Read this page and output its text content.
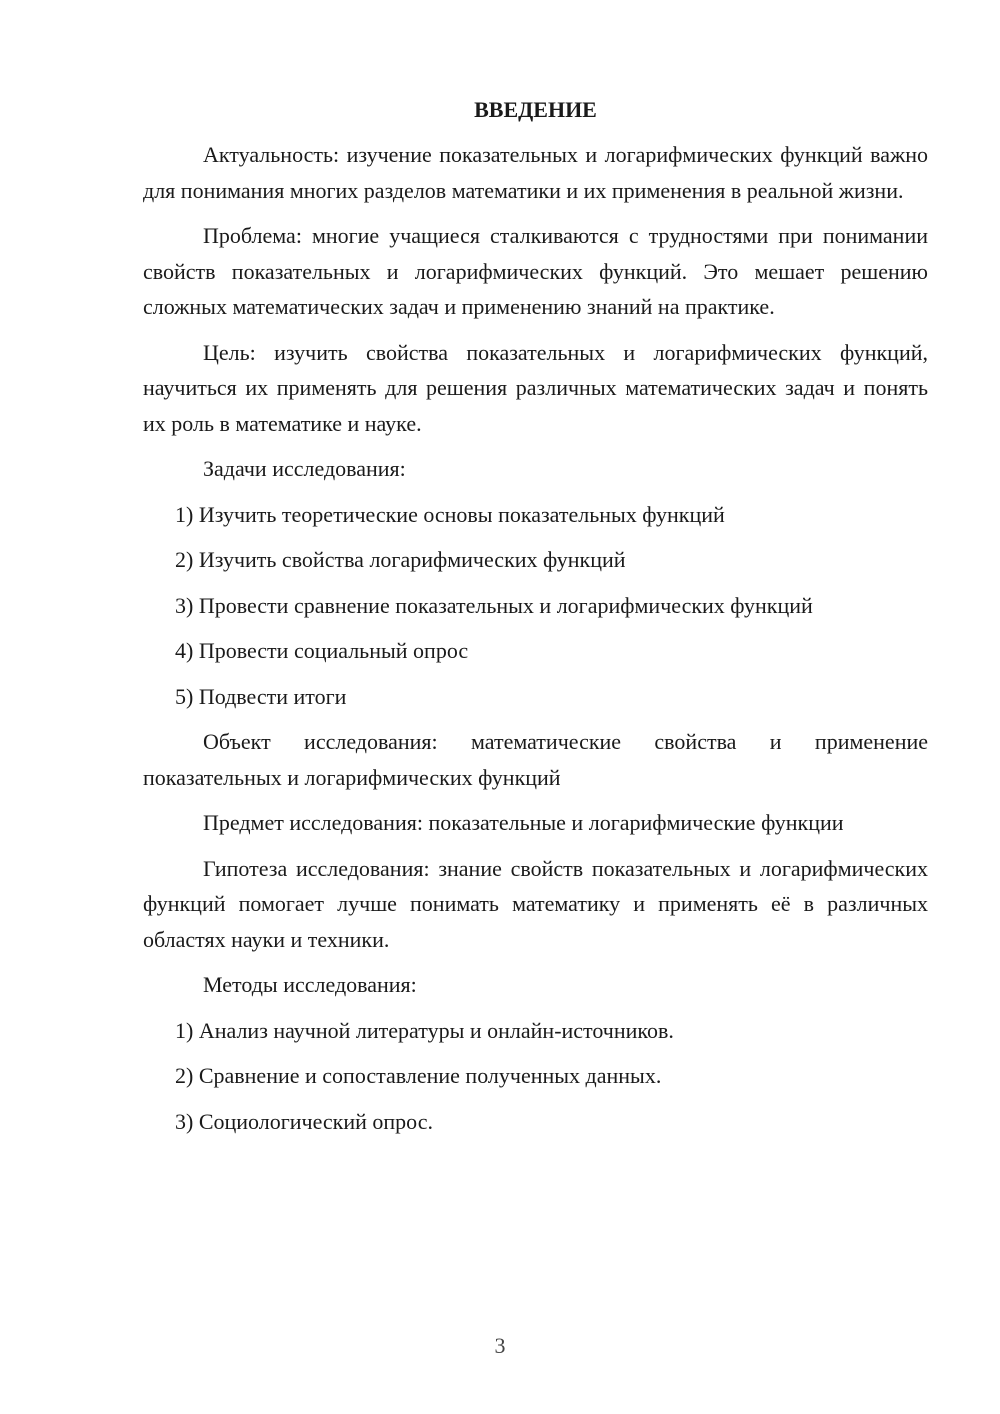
ВВЕДЕНИЕ

Актуальность: изучение показательных и логарифмических функций важно для понимания многих разделов математики и их применения в реальной жизни.

Проблема: многие учащиеся сталкиваются с трудностями при понимании свойств показательных и логарифмических функций. Это мешает решению сложных математических задач и применению знаний на практике.

Цель: изучить свойства показательных и логарифмических функций, научиться их применять для решения различных математических задач и понять их роль в математике и науке.

Задачи исследования:

1) Изучить теоретические основы показательных функций

2) Изучить свойства логарифмических функций

3) Провести сравнение показательных и логарифмических функций

4) Провести социальный опрос

5) Подвести итоги

Объект исследования: математические свойства и применение показательных и логарифмических функций

Предмет исследования: показательные и логарифмические функции

Гипотеза исследования: знание свойств показательных и логарифмических функций помогает лучше понимать математику и применять её в различных областях науки и техники.

Методы исследования:

1) Анализ научной литературы и онлайн-источников.

2) Сравнение и сопоставление полученных данных.

3) Социологический опрос.

3
